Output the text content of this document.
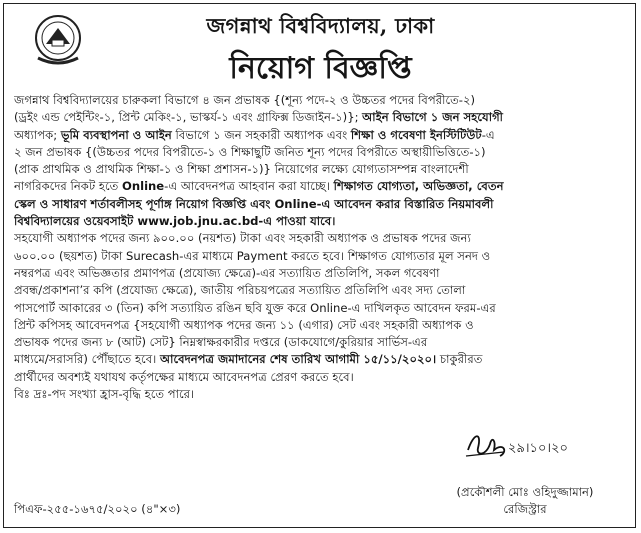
জগন্নাথ বিশ্ববিদ্যালয়, ঢাকা
নিয়োগ বিজ্ঞপ্তি
জগন্নাথ বিশ্ববিদ্যালয়ের চারুকলা বিভাগে ৪ জন প্রভাষক {(শূন্য পদে-২ ও উচ্চতর পদের বিপরীতে-২)
(ড্রইং এন্ড পেইন্টিং-১, প্রিন্ট মেকিং-১, ভাস্কর্য-১ এবং গ্রাফিক্স ডিজাইন-১)}; আইন বিভাগে ১ জন সহযোগী
অধ্যাপক; ভূমি ব্যবস্থাপনা ও আইন বিভাগে ১ জন সহকারী অধ্যাপক এবং শিক্ষা ও গবেষণা ইনস্টিটিউট-এ
২ জন প্রভাষক {(উচ্চতর পদের বিপরীতে-১ ও শিক্ষাছুটি জনিত শূন্য পদের বিপরীতে অস্থায়ীভিত্তিতে-১)
(প্রাক প্রাথমিক ও প্রাথমিক শিক্ষা-১ ও শিক্ষা প্রশাসন-১)} নিয়োগের লক্ষ্যে যোগ্যতাসম্পন্ন বাংলাদেশী
নাগরিকদের নিকট হতে Online-এ আবেদনপত্র আহবান করা যাচ্ছে। শিক্ষাগত যোগ্যতা, অভিজ্ঞতা, বেতন
স্কেল ও সাধারণ শর্তাবলীসহ পূর্ণাঙ্গ নিয়োগ বিজ্ঞপ্তি এবং Online-এ আবেদন করার বিস্তারিত নিয়মাবলী
বিশ্ববিদ্যালয়ের ওয়েবসাইট www.job.jnu.ac.bd-এ পাওয়া যাবে।
সহযোগী অধ্যাপক পদের জন্য ৯০০.০০ (নয়শত) টাকা এবং সহকারী অধ্যাপক ও প্রভাষক পদের জন্য
৬০০.০০ (ছয়শত) টাকা Surecash-এর মাধ্যমে Payment করতে হবে। শিক্ষাগত যোগ্যতার মূল সনদ ও
নম্বরপত্র এবং অভিজ্ঞতার প্রমাণপত্র (প্রযোজ্য ক্ষেত্রে)-এর সত্যায়িত প্রতিলিপি, সকল গবেষণা
প্রবন্ধ/প্রকাশনা’র কপি (প্রযোজ্য ক্ষেত্রে), জাতীয় পরিচয়পত্রের সত্যায়িত প্রতিলিপি এবং সদ্য তোলা
পাসপোর্ট আকারের ৩ (তিন) কপি সত্যায়িত রঙিন ছবি যুক্ত করে Online-এ দাখিলকৃত আবেদন ফরম-এর
প্রিন্ট কপিসহ আবেদনপত্র {সহযোগী অধ্যাপক পদের জন্য ১১ (এগার) সেট এবং সহকারী অধ্যাপক ও
প্রভাষক পদের জন্য ৮ (আট) সেট} নিম্নস্বাক্ষরকারীর দপ্তরে (ডাকযোগে/কুরিয়ার সার্ভিস-এর
মাধ্যমে/সরাসরি) পৌঁছাতে হবে। আবেদনপত্র জমাদানের শেষ তারিখ আগামী ১৫/১১/২০২০। চাকুরীরত
প্রার্থীদের অবশ্যই যথাযথ কর্তৃপক্ষের মাধ্যমে আবেদনপত্র প্রেরণ করতে হবে।
বিঃ দ্রঃ-পদ সংখ্যা হ্রাস-বৃদ্ধি হতে পারে।
২৯।১০।২০
(প্রকৌশলী মোঃ ওহিদুজ্জামান)
রেজিস্ট্রার
পিএফ-২৫৫-১৬৭৫/২০২০ (৪"×৩)
